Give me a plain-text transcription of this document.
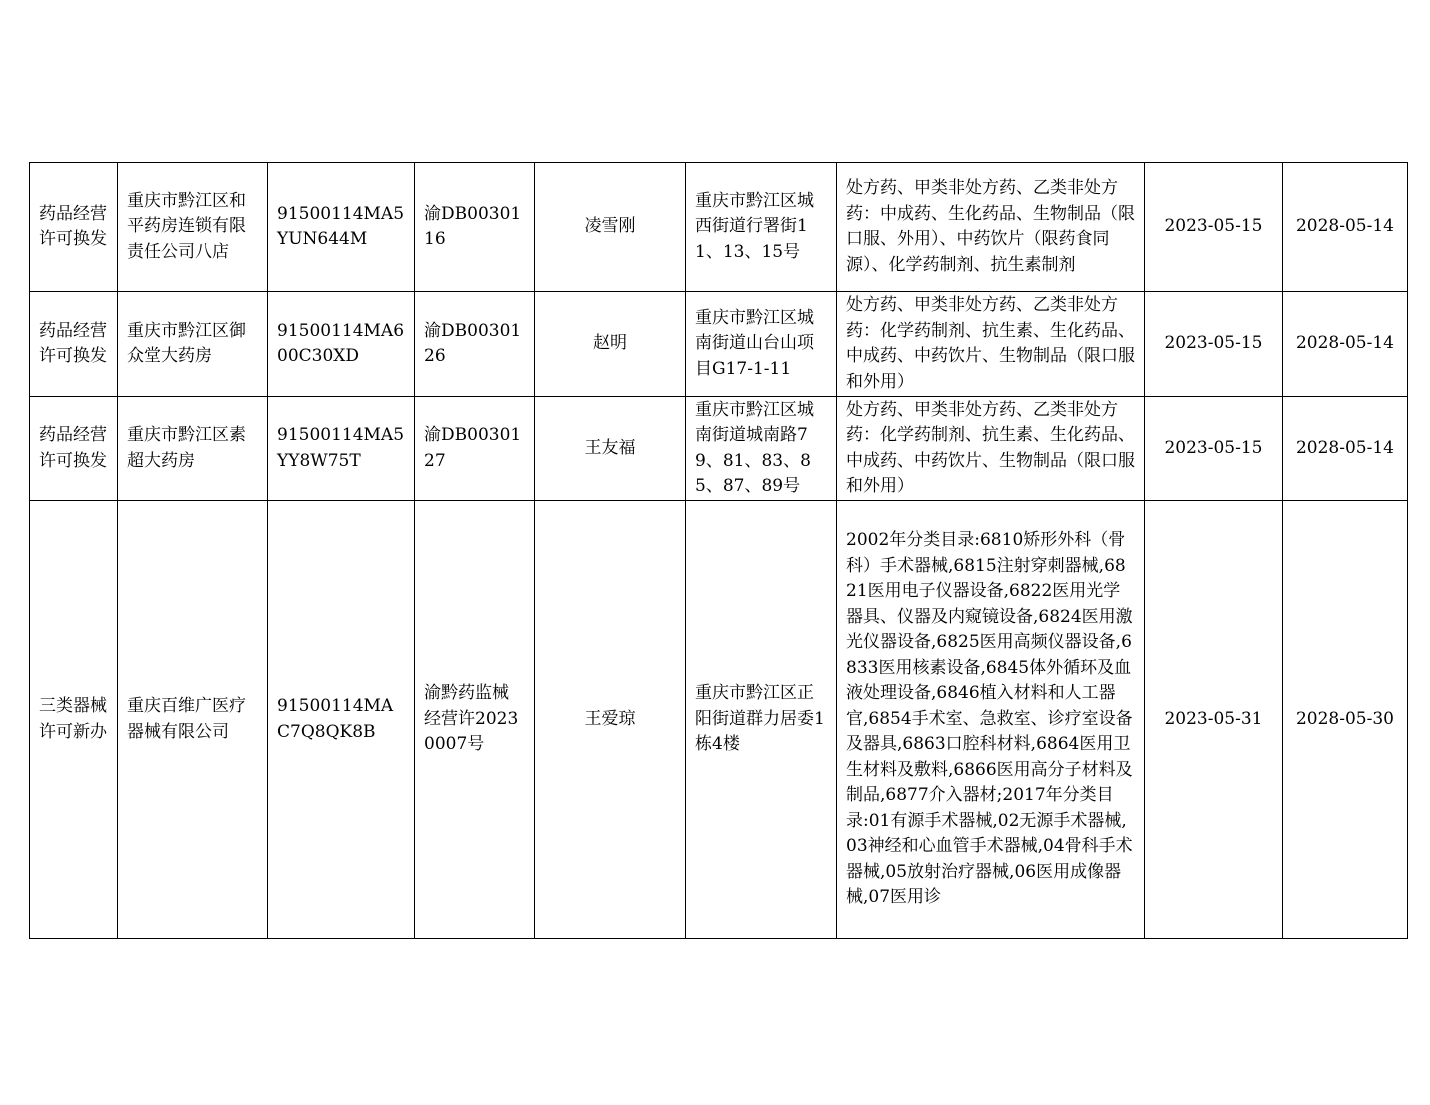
药品经营许可换发	重庆市黔江区和平药房连锁有限责任公司八店	91500114MA5YUN644M	渝DB0030116	凌雪刚	重庆市黔江区城西街道行署街11、13、15号	处方药、甲类非处方药、乙类非处方药：中成药、生化药品、生物制品（限口服、外用）、中药饮片（限药食同源）、化学药制剂、抗生素制剂	2023-05-15	2028-05-14
药品经营许可换发	重庆市黔江区御众堂大药房	91500114MA600C30XD	渝DB0030126	赵明	重庆市黔江区城南街道山台山项目G17-1-11	处方药、甲类非处方药、乙类非处方药：化学药制剂、抗生素、生化药品、中成药、中药饮片、生物制品（限口服和外用）	2023-05-15	2028-05-14
药品经营许可换发	重庆市黔江区素超大药房	91500114MA5YY8W75T	渝DB0030127	王友福	重庆市黔江区城南街道城南路79、81、83、85、87、89号	处方药、甲类非处方药、乙类非处方药：化学药制剂、抗生素、生化药品、中成药、中药饮片、生物制品（限口服和外用）	2023-05-15	2028-05-14
三类器械许可新办	重庆百维广医疗器械有限公司	91500114MAC7Q8QK8B	渝黔药监械经营许20230007号	王爱琼	重庆市黔江区正阳街道群力居委1栋4楼	2002年分类目录:6810矫形外科（骨科）手术器械,6815注射穿刺器械,6821医用电子仪器设备,6822医用光学器具、仪器及内窥镜设备,6824医用激光仪器设备,6825医用高频仪器设备,6833医用核素设备,6845体外循环及血液处理设备,6846植入材料和人工器官,6854手术室、急救室、诊疗室设备及器具,6863口腔科材料,6864医用卫生材料及敷料,6866医用高分子材料及制品,6877介入器材;2017年分类目录:01有源手术器械,02无源手术器械,03神经和心血管手术器械,04骨科手术器械,05放射治疗器械,06医用成像器械,07医用诊	2023-05-31	2028-05-30
